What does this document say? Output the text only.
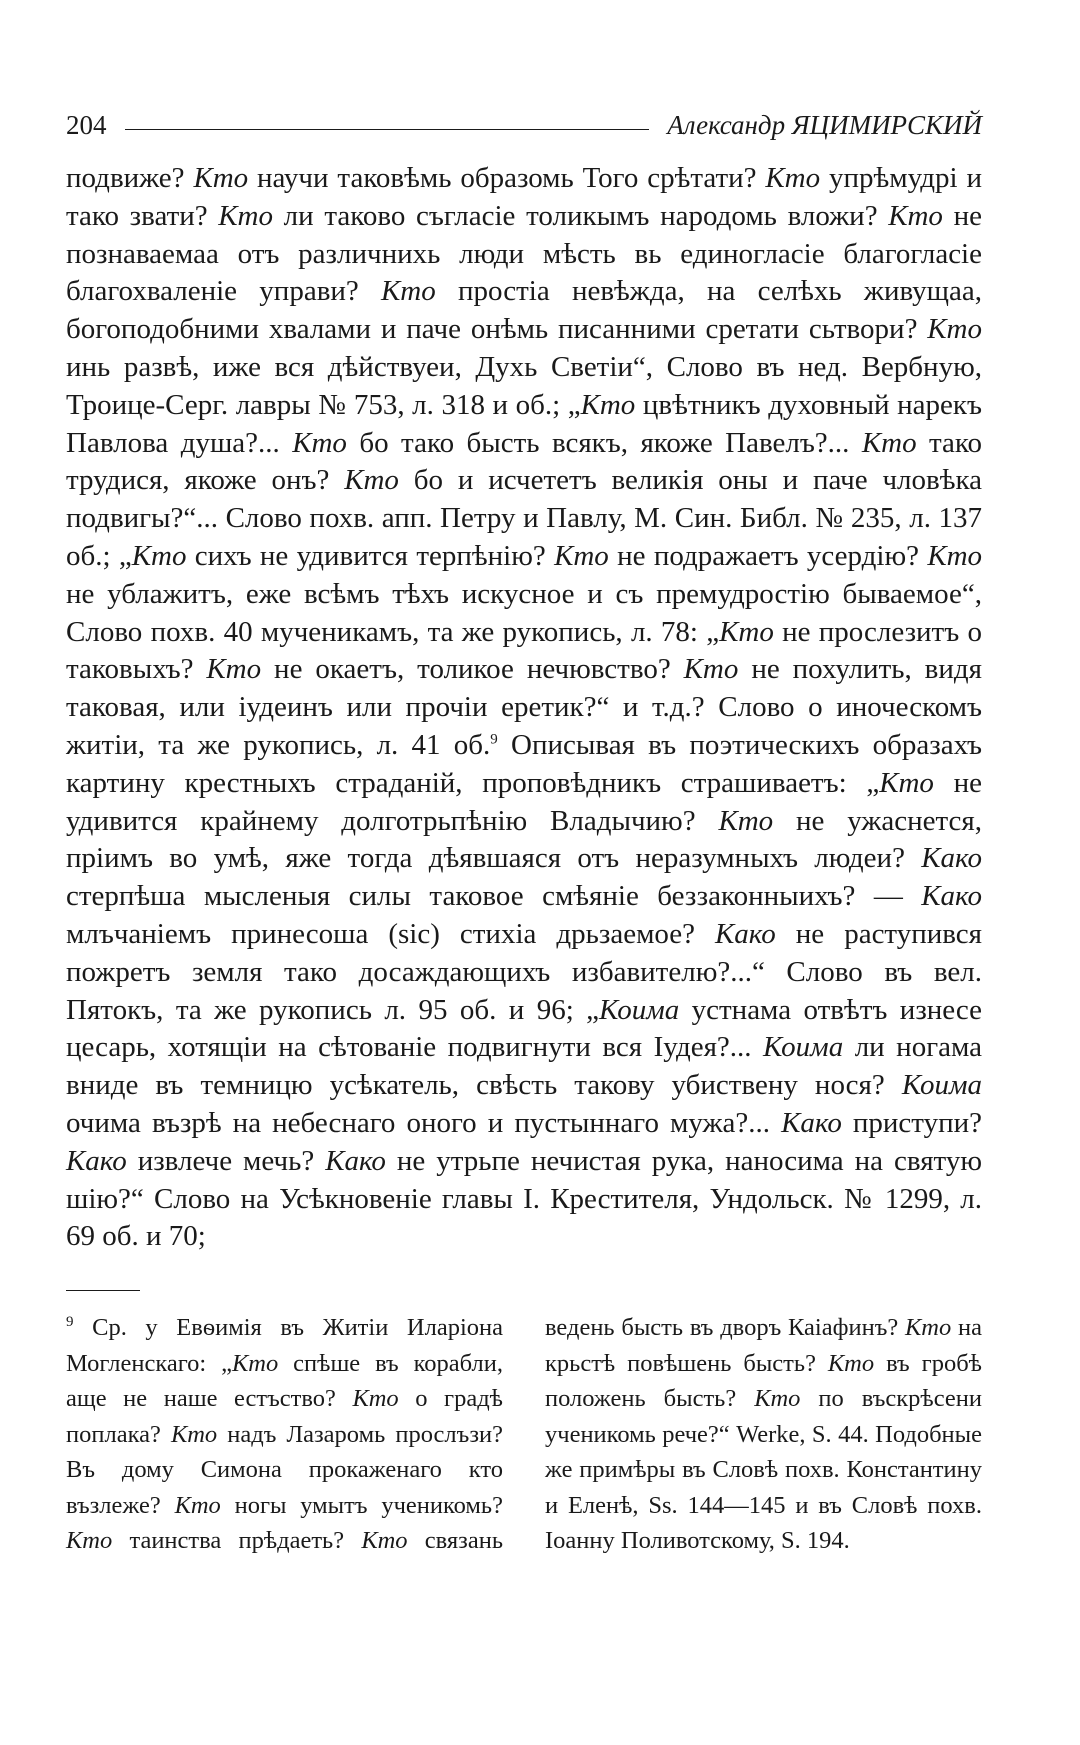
204	Александр ЯЦИМИРСКИЙ

подвиже? Кто научи таковѣмь образомь Того срѣтати? Кто упрѣмудрі и тако звати? Кто ли таково съгласіе толикымъ народомь вложи? Кто не познаваемаа отъ различнихь люди мѣсть вь единогласіе благогласіе благохваленіе управи? Кто простіа невѣжда, на селѣхь живущаа, богоподобними хвалами и паче онѣмь писанними сретати сьтвори? Кто инь развѣ, иже вся дѣйствуеи, Духь Светіи“, Слово въ нед. Вербную, Троице-Серг. лавры № 753, л. 318 и об.; „Кто цвѣтникъ духовный нарекъ Павлова душа?... Кто бо тако бысть всякъ, якоже Павелъ?... Кто тако трудися, якоже онъ? Кто бо и исчететъ великія оны и паче чловѣка подвигы?“... Слово похв. апп. Петру и Павлу, М. Син. Библ. № 235, л. 137 об.; „Кто сихъ не удивится терпѣнію? Кто не подражаетъ усердію? Кто не ублажитъ, еже всѣмъ тѣхъ искусное и съ премудростію бываемое“, Слово похв. 40 мученикамъ, та же рукопись, л. 78: „Кто не прослезитъ о таковыхъ? Кто не окаетъ, толикое нечювство? Кто не похулить, видя таковая, или іудеинъ или прочіи еретик?“ и т.д.? Слово о иноческомъ житіи, та же рукопись, л. 41 об.$^9$ Описывая въ поэтическихъ образахъ картину крестныхъ страданій, проповѣдникъ страшиваетъ: „Кто не удивится крайнему долготрьпѣнію Владычию? Кто не ужаснется, пріимъ во умѣ, яже тогда дѣявшаяся отъ неразумныхъ людеи? Како стерпѣша мысленыя силы таковое смѣяніе беззаконныихъ? — Како млъчаніемъ принесоша (sic) стихіа дрьзаемое? Како не раступився пожретъ земля тако досаждающихъ избавителю?...“ Слово въ вел. Пятокъ, та же рукопись л. 95 об. и 96; „Коима устнама отвѣтъ изнесе цесарь, хотящіи на сѣтованіе подвигнути вся Іудея?... Коима ли ногама вниде въ темницю усѣкатель, свѣсть такову убиствену нося? Коима очима възрѣ на небеснаго оного и пустыннаго мужа?... Како приступи? Како извлече мечь? Како не утрьпе нечистая рука, наносима на святую шію?“ Слово на Усѣкновеніе главы І. Крестителя, Ундольск. № 1299, л. 69 об. и 70;

$^9$ Ср. у Евѳимія въ Житіи Иларіона Могленскаго: „Кто спѣше въ корабли, аще не наше естъство? Кто о градѣ поплака? Кто надъ Лазаромь прослъзи? Въ дому Симона прокаженаго кто възлеже? Кто ногы умытъ ученикомь? Кто таинства прѣдаеть? Кто связань ведень бысть въ дворъ Каіафинъ? Кто на крьстѣ повѣшень бысть? Кто въ гробѣ положень бысть? Кто по въскрѣсени ученикомь рече?“ Werke, S. 44. Подобные же примѣры въ Словѣ похв. Константину и Еленѣ, Ss. 144—145 и въ Словѣ похв. Іоанну Поливотскому, S. 194.
